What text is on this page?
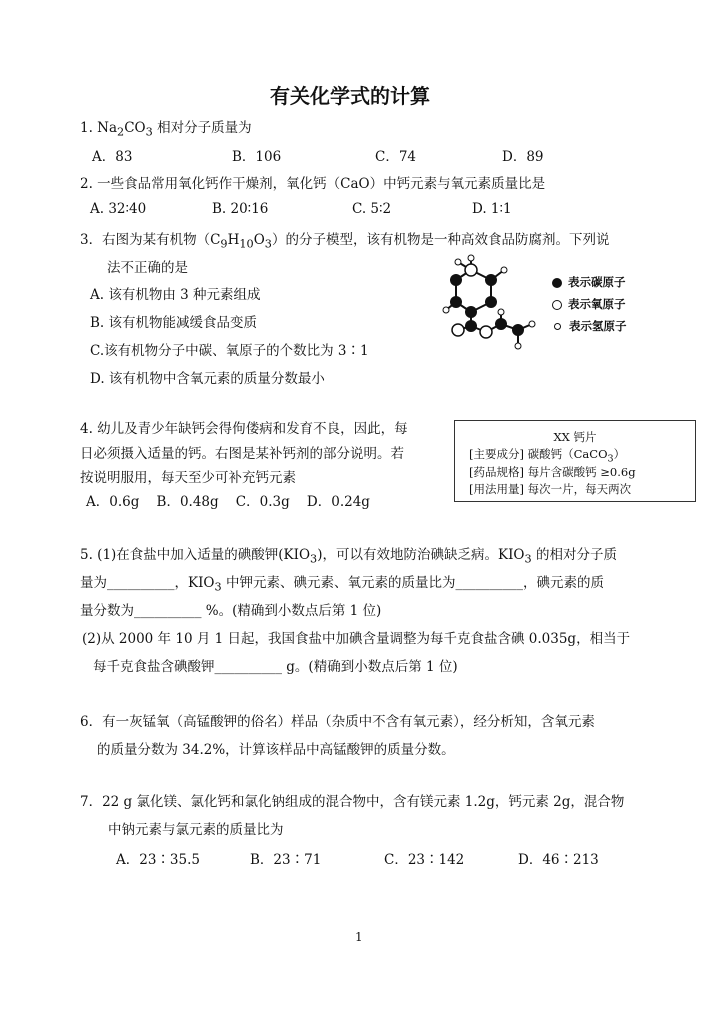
有关化学式的计算
1. $Na_2CO_3$ 相对分子质量为
A．83	B．106	C．74	D．89
2. 一些食品常用氧化钙作干燥剂，氧化钙（CaO）中钙元素与氧元素质量比是
A. 32∶40	B. 20∶16	C. 5∶2	D. 1∶1
3．右图为某有机物$(C_9H_{10}O_3)$的分子模型，该有机物是一种高效食品防腐剂。下列说
法不正确的是
A. 该有机物由 3 种元素组成
B. 该有机物能减缓食品变质
C.该有机物分子中碳、氧原子的个数比为 3∶1
D. 该有机物中含氧元素的质量分数最小
表示碳原子
表示氧原子
表示氢原子
4. 幼儿及青少年缺钙会得佝偻病和发育不良，因此，每
日必须摄入适量的钙。右图是某补钙剂的部分说明。若
按说明服用，每天至少可补充钙元素
A．0.6g    B．0.48g    C．0.3g    D．0.24g
XX 钙片
[主要成分] 碳酸钙（CaCO$_3$）
[药品规格] 每片含碳酸钙 ≥0.6g
[用法用量] 每次一片，每天两次
5. (1)在食盐中加入适量的碘酸钾$(KIO_3)$，可以有效地防治碘缺乏病。$KIO_3$ 的相对分子质
量为__________，$KIO_3$ 中钾元素、碘元素、氧元素的质量比为__________，碘元素的质
量分数为__________ %。(精确到小数点后第 1 位)
(2)从 2000 年 10 月 1 日起，我国食盐中加碘含量调整为每千克食盐含碘 0.035g，相当于
每千克食盐含碘酸钾__________ g。(精确到小数点后第 1 位)
6．有一灰锰氧（高锰酸钾的俗名）样品（杂质中不含有氧元素），经分析知，含氧元素
的质量分数为 34.2%，计算该样品中高锰酸钾的质量分数。
7．22 g 氯化镁、氯化钙和氯化钠组成的混合物中，含有镁元素 1.2g，钙元素 2g，混合物
中钠元素与氯元素的质量比为
A．23∶35.5	B．23∶71	C．23∶142	D．46∶213
1
